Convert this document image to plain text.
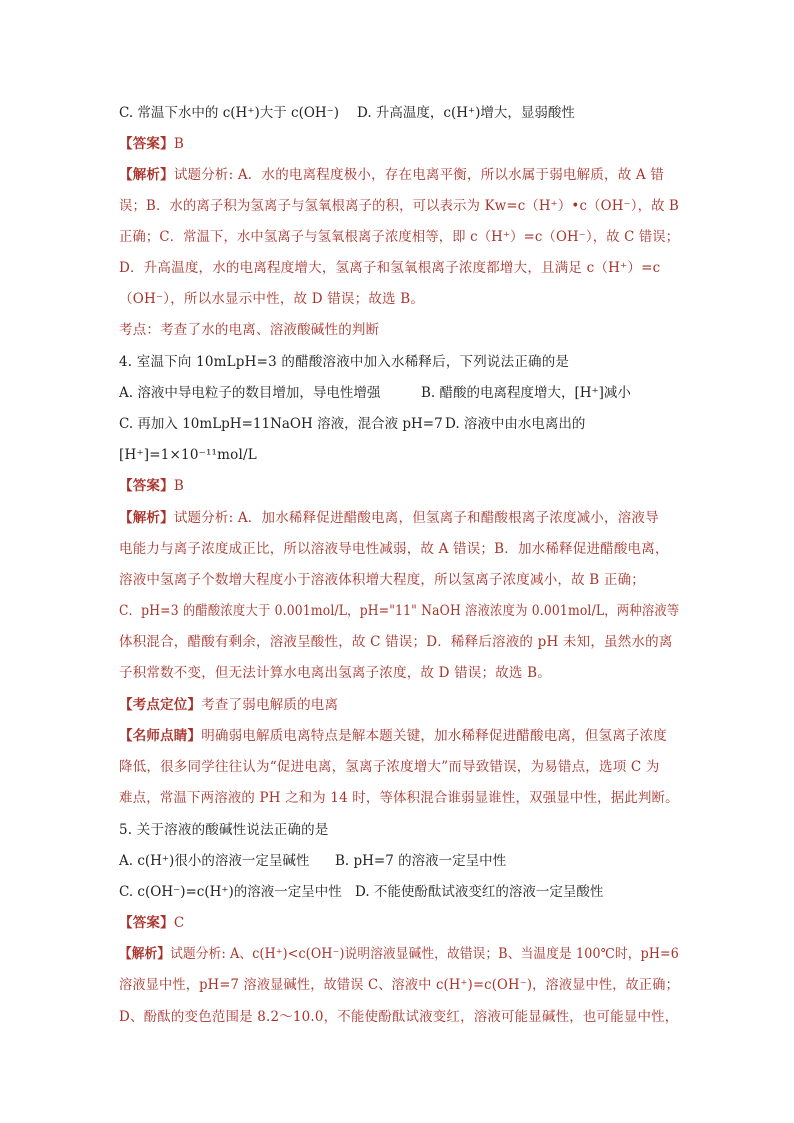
C. 常温下水中的 c(H⁺)大于 c(OH⁻) D. 升高温度，c(H⁺)增大，显弱酸性
【答案】B
【解析】试题分析: A．水的电离程度极小，存在电离平衡，所以水属于弱电解质，故 A 错
误；B．水的离子积为氢离子与氢氧根离子的积，可以表示为 Kw=c（H⁺）•c（OH⁻），故 B
正确；C．常温下，水中氢离子与氢氧根离子浓度相等，即 c（H⁺）=c（OH⁻），故 C 错误；
D．升高温度，水的电离程度增大，氢离子和氢氧根离子浓度都增大，且满足 c（H⁺）=c
（OH⁻），所以水显示中性，故 D 错误；故选 B。
考点：考查了水的电离、溶液酸碱性的判断
4. 室温下向 10mLpH=3 的醋酸溶液中加入水稀释后，下列说法正确的是
A. 溶液中导电粒子的数目增加，导电性增强	B. 醋酸的电离程度增大，[H⁺]减小
C. 再加入 10mLpH=11NaOH 溶液，混合液 pH=7 D. 溶液中由水电离出的
[H⁺]=1×10⁻¹¹mol/L
【答案】B
【解析】试题分析: A．加水稀释促进醋酸电离，但氢离子和醋酸根离子浓度减小，溶液导
电能力与离子浓度成正比，所以溶液导电性减弱，故 A 错误；B．加水稀释促进醋酸电离，
溶液中氢离子个数增大程度小于溶液体积增大程度，所以氢离子浓度减小，故 B 正确；
C．pH=3 的醋酸浓度大于 0.001mol/L，pH="11" NaOH 溶液浓度为 0.001mol/L，两种溶液等
体积混合，醋酸有剩余，溶液呈酸性，故 C 错误；D．稀释后溶液的 pH 未知，虽然水的离
子积常数不变，但无法计算水电离出氢离子浓度，故 D 错误；故选 B。
【考点定位】考查了弱电解质的电离
【名师点睛】明确弱电解质电离特点是解本题关键，加水稀释促进醋酸电离，但氢离子浓度
降低，很多同学往往认为“促进电离，氢离子浓度增大”而导致错误，为易错点，选项 C 为
难点，常温下两溶液的 PH 之和为 14 时，等体积混合谁弱显谁性，双强显中性，据此判断。
5. 关于溶液的酸碱性说法正确的是
A. c(H⁺)很小的溶液一定呈碱性 B. pH=7 的溶液一定呈中性
C. c(OH⁻)=c(H⁺)的溶液一定呈中性 D. 不能使酚酞试液变红的溶液一定呈酸性
【答案】C
【解析】试题分析: A、c(H⁺)<c(OH⁻)说明溶液显碱性，故错误；B、当温度是 100℃时，pH=6
溶液显中性，pH=7 溶液显碱性，故错误 C、溶液中 c(H⁺)=c(OH⁻)，溶液显中性，故正确；
D、酚酞的变色范围是 8.2～10.0，不能使酚酞试液变红，溶液可能显碱性，也可能显中性，
